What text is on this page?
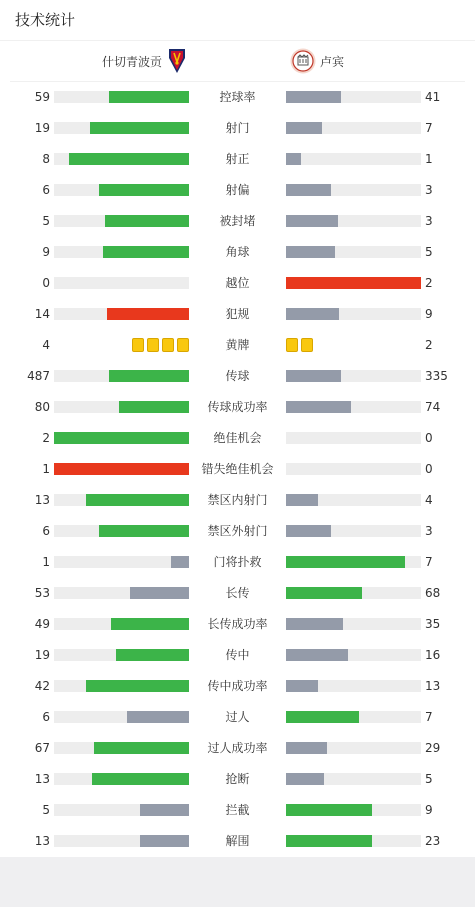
技术统计
什切青波贡	卢宾
59	控球率	41
19	射门	7
8	射正	1
6	射偏	3
5	被封堵	3
9	角球	5
0	越位	2
14	犯规	9
4	黄牌	2
487	传球	335
80	传球成功率	74
2	绝佳机会	0
1	错失绝佳机会	0
13	禁区内射门	4
6	禁区外射门	3
1	门将扑救	7
53	长传	68
49	长传成功率	35
19	传中	16
42	传中成功率	13
6	过人	7
67	过人成功率	29
13	抢断	5
5	拦截	9
13	解围	23
